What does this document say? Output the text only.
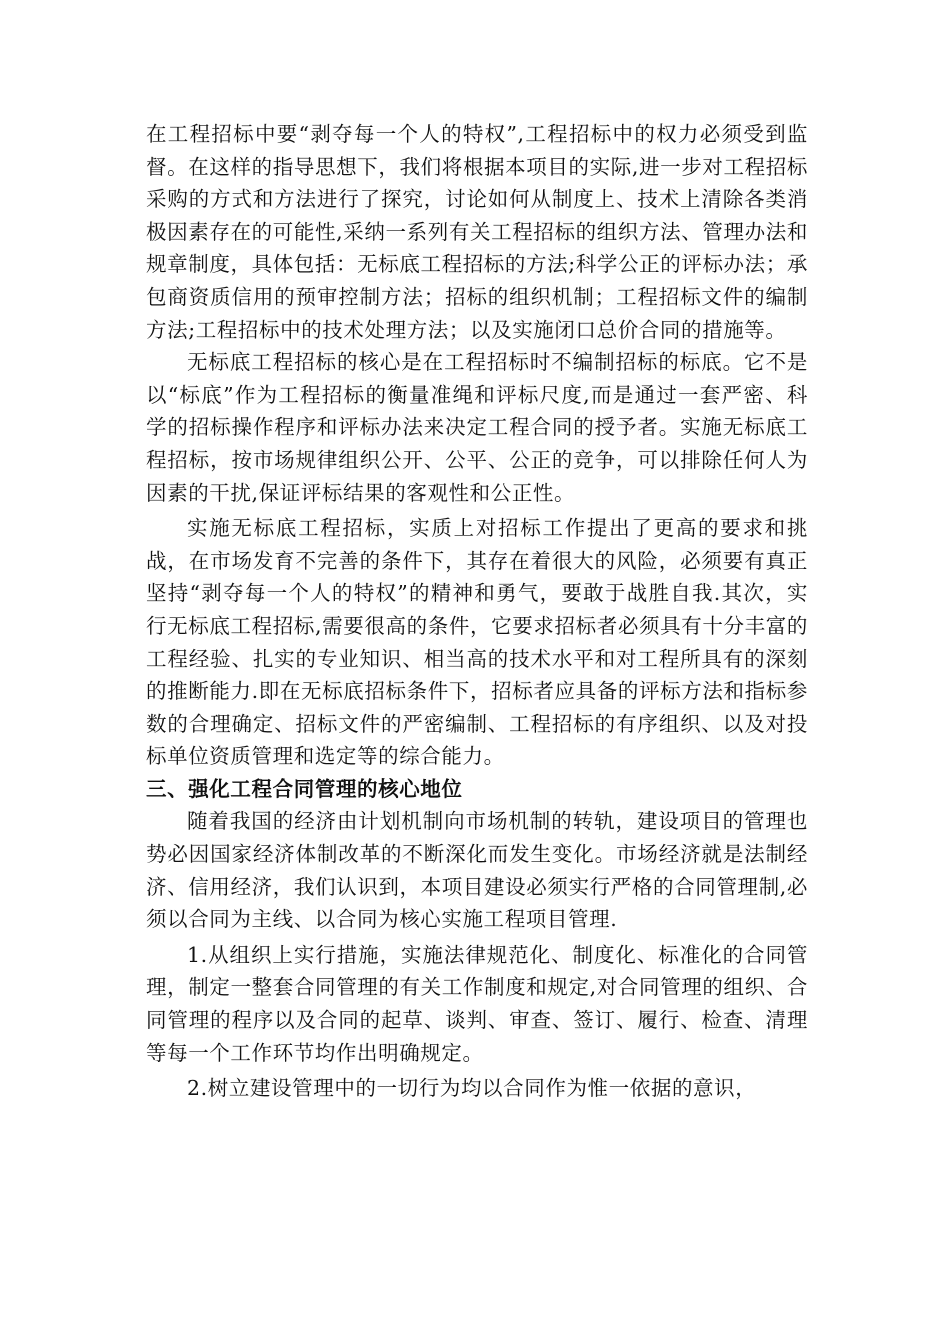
在工程招标中要“剥夺每一个人的特权”,工程招标中的权力必须受到监督。在这样的指导思想下，我们将根据本项目的实际,进一步对工程招标采购的方式和方法进行了探究，讨论如何从制度上、技术上清除各类消极因素存在的可能性,采纳一系列有关工程招标的组织方法、管理办法和规章制度，具体包括：无标底工程招标的方法;科学公正的评标办法；承包商资质信用的预审控制方法；招标的组织机制；工程招标文件的编制方法;工程招标中的技术处理方法；以及实施闭口总价合同的措施等。

无标底工程招标的核心是在工程招标时不编制招标的标底。它不是以“标底”作为工程招标的衡量准绳和评标尺度,而是通过一套严密、科学的招标操作程序和评标办法来决定工程合同的授予者。实施无标底工程招标，按市场规律组织公开、公平、公正的竞争，可以排除任何人为因素的干扰,保证评标结果的客观性和公正性。

实施无标底工程招标，实质上对招标工作提出了更高的要求和挑战，在市场发育不完善的条件下，其存在着很大的风险，必须要有真正坚持“剥夺每一个人的特权”的精神和勇气，要敢于战胜自我.其次，实行无标底工程招标,需要很高的条件，它要求招标者必须具有十分丰富的工程经验、扎实的专业知识、相当高的技术水平和对工程所具有的深刻的推断能力.即在无标底招标条件下，招标者应具备的评标方法和指标参数的合理确定、招标文件的严密编制、工程招标的有序组织、以及对投标单位资质管理和选定等的综合能力。

三、强化工程合同管理的核心地位

随着我国的经济由计划机制向市场机制的转轨，建设项目的管理也势必因国家经济体制改革的不断深化而发生变化。市场经济就是法制经济、信用经济，我们认识到，本项目建设必须实行严格的合同管理制,必须以合同为主线、以合同为核心实施工程项目管理.

1.从组织上实行措施，实施法律规范化、制度化、标准化的合同管理，制定一整套合同管理的有关工作制度和规定,对合同管理的组织、合同管理的程序以及合同的起草、谈判、审查、签订、履行、检查、清理等每一个工作环节均作出明确规定。

2.树立建设管理中的一切行为均以合同作为惟一依据的意识，
